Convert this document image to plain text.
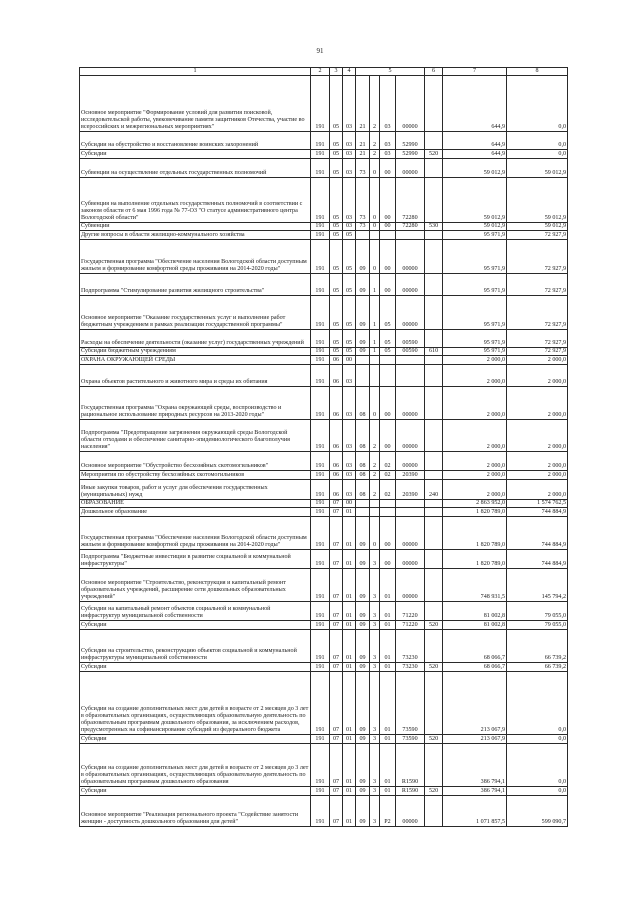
91
1	2	3	4	5				6	7	8
Основное мероприятие "Формирование условий для развития поисковой, исследовательской работы, увековечивание памяти защитников Отечества, участие во всероссийских и межрегиональных мероприятиях"	191	05	03	21	2	03	00000		644,9	0,0
Субсидии на обустройство и восстановление воинских захоронений	191	05	03	21	2	03	52990		644,9	0,0
Субсидии	191	05	03	21	2	03	52990	520	644,9	0,0
Субвенции на осуществление отдельных государственных полномочий	191	05	03	73	0	00	00000		59 012,9	59 012,9
Субвенция на выполнение отдельных государственных полномочий в соответствии с законом области от 6 мая 1996 года № 77-ОЗ "О статусе административного центра Вологодской области"	191	05	03	73	0	00	72280		59 012,9	59 012,9
Субвенции	191	05	03	73	0	00	72280	530	59 012,9	59 012,9
Другие вопросы в области жилищно-коммунального хозяйства	191	05	05						95 971,9	72 927,9
Государственная программа "Обеспечение населения Вологодской области доступным жильем и формирование комфортной среды проживания на 2014-2020 годы"	191	05	05	09	0	00	00000		95 971,9	72 927,9
Подпрограмма "Стимулирование развития жилищного строительства"	191	05	05	09	1	00	00000		95 971,9	72 927,9
Основное мероприятие "Оказание государственных услуг и выполнение работ бюджетным учреждением в рамках реализации государственной программы"	191	05	05	09	1	05	00000		95 971,9	72 927,9
Расходы на обеспечение деятельности (оказание услуг) государственных учреждений	191	05	05	09	1	05	00590		95 971,9	72 927,9
Субсидии бюджетным учреждениям	191	05	05	09	1	05	00590	610	95 971,9	72 927,9
ОХРАНА ОКРУЖАЮЩЕЙ СРЕДЫ	191	06	00						2 000,0	2 000,0
Охрана объектов растительного и животного мира и среды их обитания	191	06	03						2 000,0	2 000,0
Государственная программа "Охрана окружающей среды, воспроизводство и рациональное использование природных ресурсов на 2013-2020 годы"	191	06	03	08	0	00	00000		2 000,0	2 000,0
Подпрограмма "Предотвращение загрязнения окружающей среды Вологодской области отходами и обеспечение санитарно-эпидемиологического благополучия населения"	191	06	03	08	2	00	00000		2 000,0	2 000,0
Основное мероприятие "Обустройство бесхозяйных скотомогильников"	191	06	03	08	2	02	00000		2 000,0	2 000,0
Мероприятия по обустройству бесхозяйных скотомогильников	191	06	03	08	2	02	20390		2 000,0	2 000,0
Иные закупки товаров, работ и услуг для обеспечения государственных (муниципальных) нужд	191	06	03	08	2	02	20390	240	2 000,0	2 000,0
ОБРАЗОВАНИЕ	191	07	00						2 863 952,0	1 574 762,5
Дошкольное образование	191	07	01						1 820 789,0	744 884,9
Государственная программа "Обеспечение населения Вологодской области доступным жильем и формирование комфортной среды проживания на 2014-2020 годы"	191	07	01	09	0	00	00000		1 820 789,0	744 884,9
Подпрограмма "Бюджетные инвестиции в развитие социальной и коммунальной инфраструктуры"	191	07	01	09	3	00	00000		1 820 789,0	744 884,9
Основное мероприятие "Строительство, реконструкция и капитальный ремонт образовательных учреждений, расширение сети дошкольных образовательных учреждений"	191	07	01	09	3	01	00000		748 931,5	145 794,2
Субсидии на капитальный ремонт объектов социальной и коммунальной инфраструктур муниципальной собственности	191	07	01	09	3	01	71220		81 002,8	79 055,0
Субсидии	191	07	01	09	3	01	71220	520	81 002,8	79 055,0
Субсидии на строительство, реконструкцию объектов социальной и коммунальной инфраструктуры муниципальной собственности	191	07	01	09	3	01	73230		68 066,7	66 739,2
Субсидии	191	07	01	09	3	01	73230	520	68 066,7	66 739,2
Субсидии на создание дополнительных мест для детей в возрасте от 2 месяцев до 3 лет в образовательных организациях, осуществляющих образовательную деятельность по образовательным программам дошкольного образования, за исключением расходов, предусмотренных на софинансирование субсидий из федерального бюджета	191	07	01	09	3	01	73590		213 067,9	0,0
Субсидии	191	07	01	09	3	01	73590	520	213 067,9	0,0
Субсидии на создание дополнительных мест для детей в возрасте от 2 месяцев до 3 лет в образовательных организациях, осуществляющих образовательную деятельность по образовательным программам дошкольного образования	191	07	01	09	3	01	R1590		386 794,1	0,0
Субсидии	191	07	01	09	3	01	R1590	520	386 794,1	0,0
Основное мероприятие "Реализация регионального проекта "Содействие занятости женщин - доступность дошкольного образования для детей"	191	07	01	09	3	P2	00000		1 071 857,5	599 090,7
